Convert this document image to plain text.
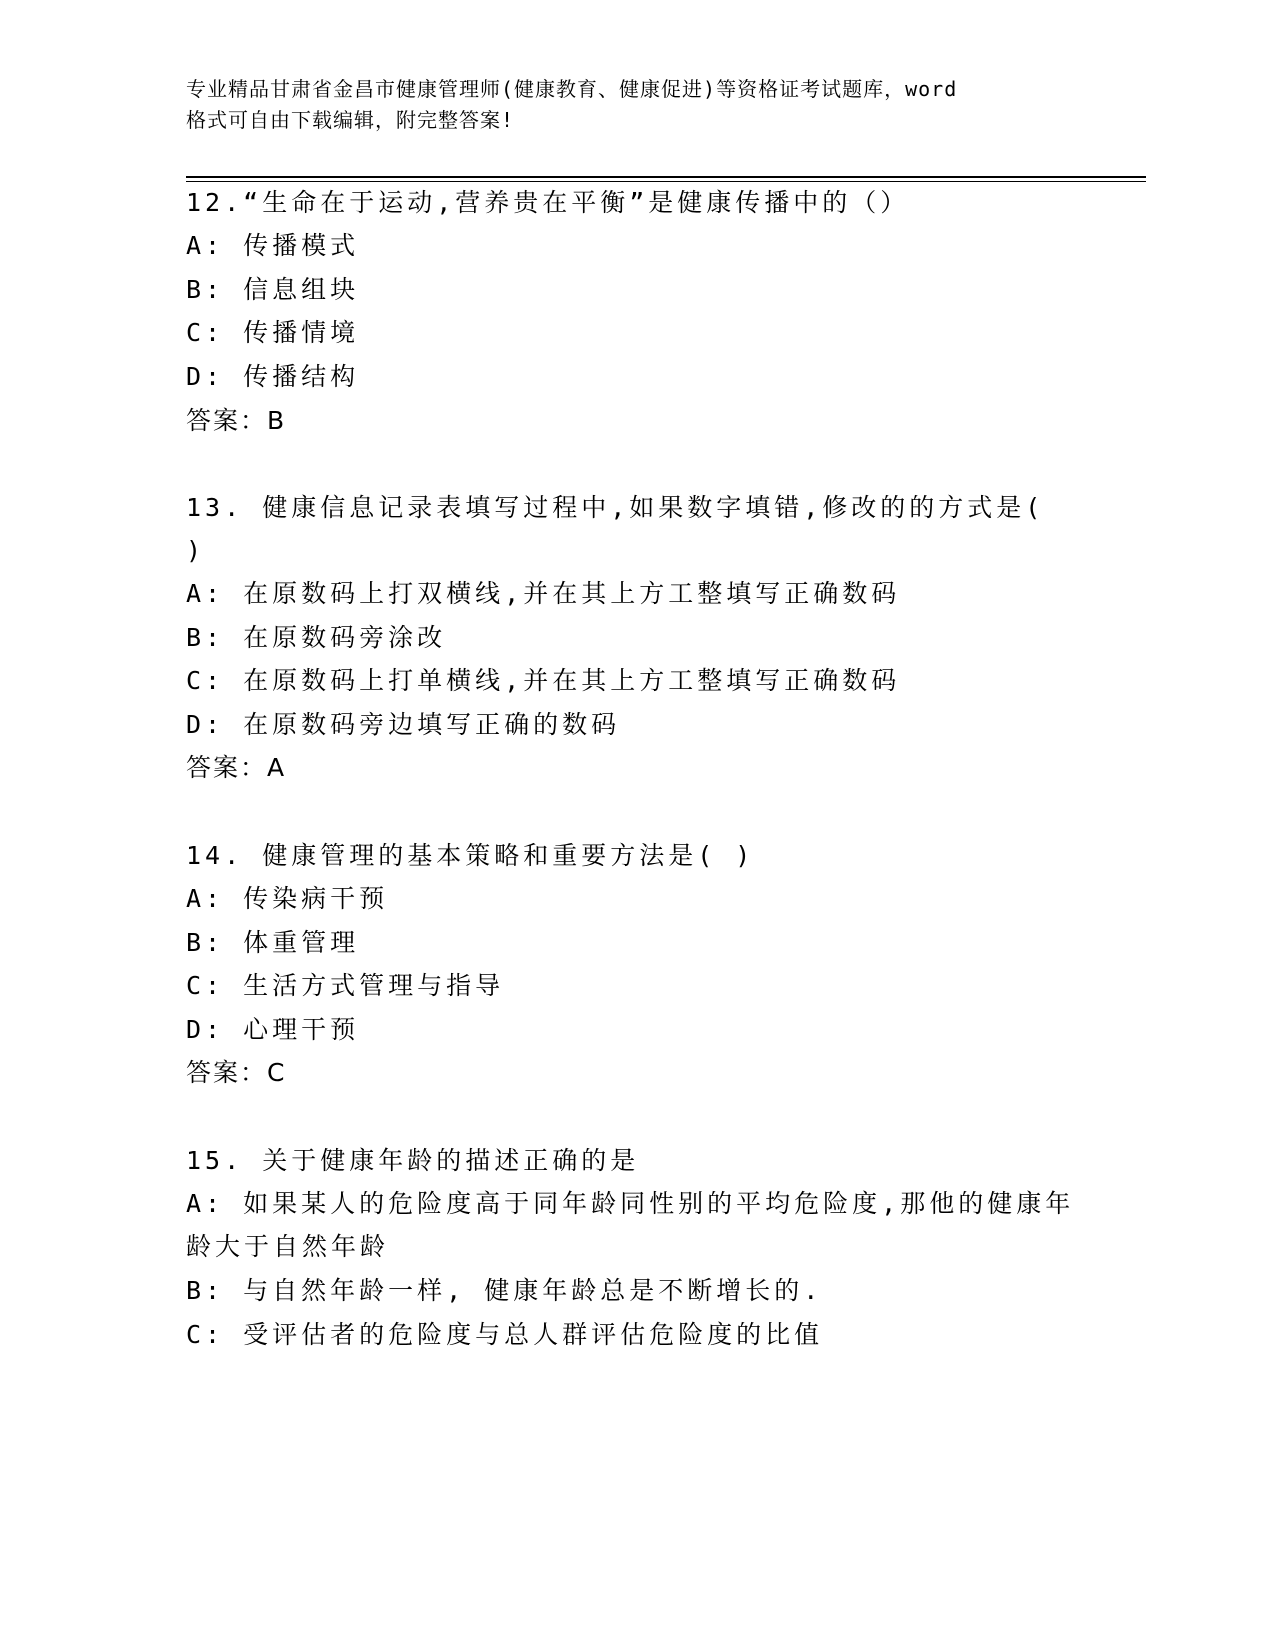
专业精品甘肃省金昌市健康管理师(健康教育、健康促进)等资格证考试题库，word
格式可自由下载编辑，附完整答案!
12.“生命在于运动,营养贵在平衡”是健康传播中的（）
A: 传播模式
B: 信息组块
C: 传播情境
D: 传播结构
答案：B
13. 健康信息记录表填写过程中,如果数字填错,修改的的方式是(
)
A: 在原数码上打双横线,并在其上方工整填写正确数码
B: 在原数码旁涂改
C: 在原数码上打单横线,并在其上方工整填写正确数码
D: 在原数码旁边填写正确的数码
答案：A
14. 健康管理的基本策略和重要方法是( )
A: 传染病干预
B: 体重管理
C: 生活方式管理与指导
D: 心理干预
答案：C
15. 关于健康年龄的描述正确的是
A: 如果某人的危险度高于同年龄同性别的平均危险度,那他的健康年
龄大于自然年龄
B: 与自然年龄一样, 健康年龄总是不断增长的.
C: 受评估者的危险度与总人群评估危险度的比值
